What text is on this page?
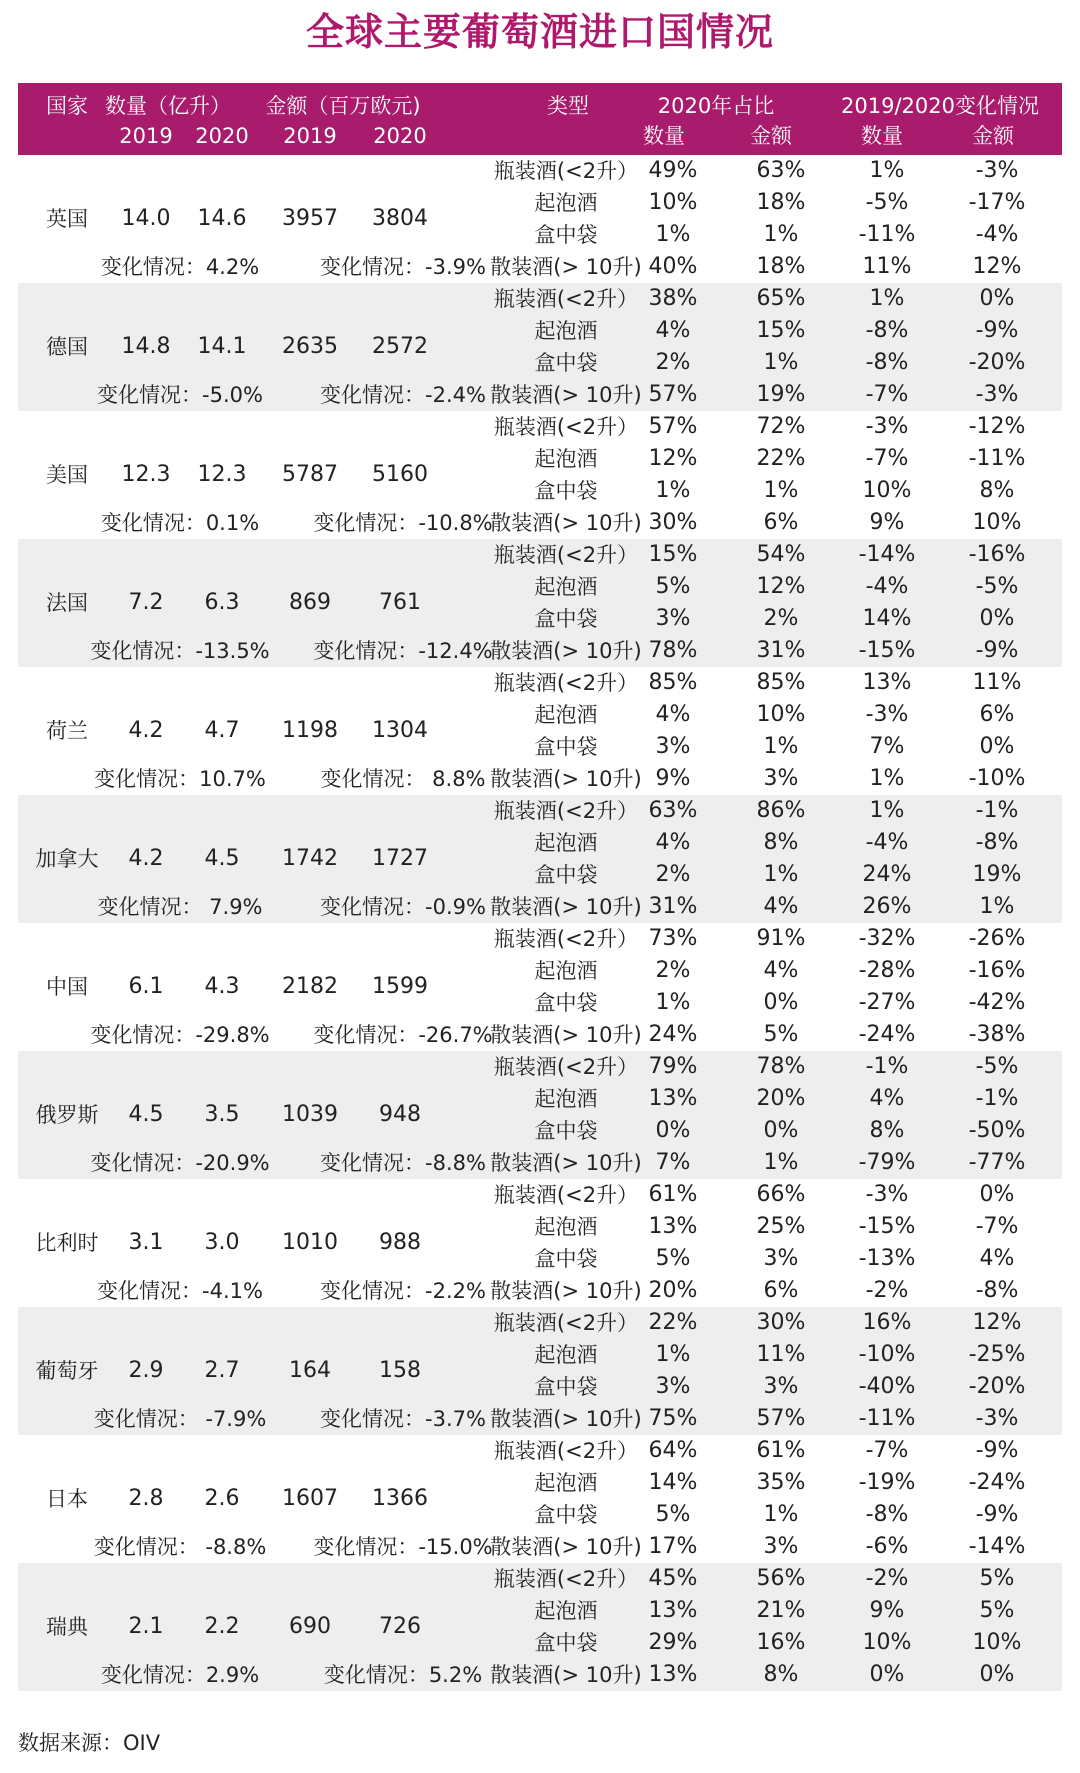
全球主要葡萄酒进口国情况
国家 数量（亿升）
2019 2020
金额（百万欧元)
2019 2020
类型	2020年占比
数量	金额
2019/2020变化情况
数量	金额
英国 14.0 14.6 3957 3804
变化情况：4.2%	变化情况：-3.9%
瓶装酒(<2升） 49%	63%	1%	-3%
起泡酒 10%	18%	-5%	-17%
盒中袋	1%	1%	-11%	-4%
散装酒(> 10升) 40%	18%	11%	12%
德国 14.8 14.1 2635 2572
变化情况：-5.0%	变化情况：-2.4%
瓶装酒(<2升） 38%	65%	1%	0%
起泡酒	4%	15%	-8%	-9%
盒中袋	2%	1%	-8%	-20%
散装酒(> 10升) 57%	19%	-7%	-3%
美国 12.3 12.3 5787 5160
变化情况：0.1%	变化情况：-10.8%
瓶装酒(<2升） 57%	72%	-3%	-12%
起泡酒 12%	22%	-7%	-11%
盒中袋	1%	1%	10%	8%
散装酒(> 10升) 30%	6%	9%	10%
法国 7.2 6.3 869 761
变化情况：-13.5% 变化情况：-12.4%
瓶装酒(<2升） 15%	54% -14% -16%
起泡酒	5%	12%	-4%	-5%
盒中袋	3%	2%	14%	0%
散装酒(> 10升) 78%	31% -15%	-9%
荷兰 4.2 4.7 1198 1304
变化情况：10.7%	变化情况： 8.8%
瓶装酒(<2升） 85%	85%	13%	11%
起泡酒	4%	10%	-3%	6%
盒中袋	3%	1%	7%	0%
散装酒(> 10升) 9%	3%	1%	-10%
加拿大 4.2 4.5 1742 1727
变化情况： 7.9%	变化情况：-0.9%
瓶装酒(<2升） 63%	86%	1%	-1%
起泡酒	4%	8%	-4%	-8%
盒中袋	2%	1%	24%	19%
散装酒(> 10升) 31%	4%	26%	1%
中国 6.1 4.3 2182 1599
变化情况：-29.8% 变化情况：-26.7%
瓶装酒(<2升） 73%	91% -32% -26%
起泡酒	2%	4%	-28% -16%
盒中袋	1%	0%	-27% -42%
散装酒(> 10升) 24%	5%	-24% -38%
俄罗斯 4.5 3.5 1039 948
变化情况：-20.9% 变化情况：-8.8%
瓶装酒(<2升） 79%	78%	-1%	-5%
起泡酒 13%	20%	4%	-1%
盒中袋	0%	0%	8%	-50%
散装酒(> 10升) 7%	1%	-79% -77%
比利时 3.1 3.0 1010 988
变化情况：-4.1%	变化情况：-2.2%
瓶装酒(<2升） 61%	66%	-3%	0%
起泡酒 13%	25% -15%	-7%
盒中袋	5%	3%	-13%	4%
散装酒(> 10升) 20%	6%	-2%	-8%
葡萄牙 2.9 2.7 164 158
变化情况： -7.9%	变化情况：-3.7%
瓶装酒(<2升） 22%	30%	16%	12%
起泡酒	1%	11% -10% -25%
盒中袋	3%	3%	-40% -20%
散装酒(> 10升) 75%	57% -11%	-3%
日本 2.8 2.6 1607 1366
变化情况： -8.8% 变化情况：-15.0%
瓶装酒(<2升） 64%	61%	-7%	-9%
起泡酒 14%	35% -19% -24%
盒中袋	5%	1%	-8%	-9%
散装酒(> 10升) 17%	3%	-6%	-14%
瑞典 2.1 2.2 690 726
变化情况：2.9%	变化情况：5.2%
瓶装酒(<2升） 45%	56%	-2%	5%
起泡酒 13%	21%	9%	5%
盒中袋 29%	16%	10%	10%
散装酒(> 10升) 13%	8%	0%	0%
数据来源：OIV
